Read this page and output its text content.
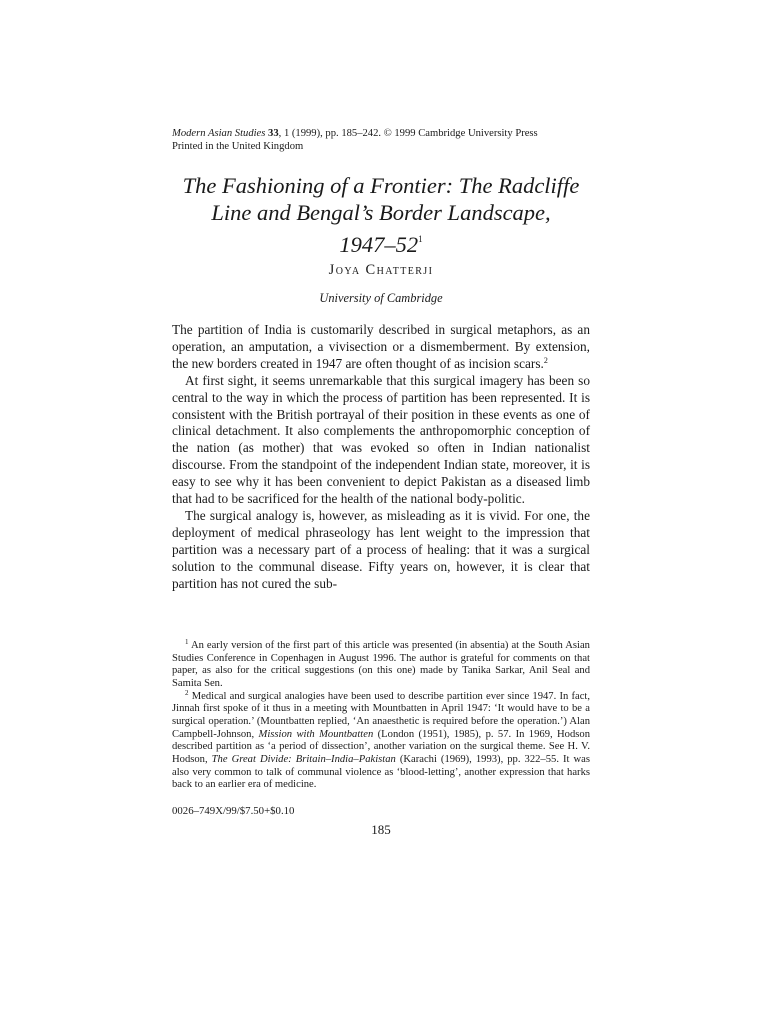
Modern Asian Studies 33, 1 (1999), pp. 185–242. © 1999 Cambridge University Press
Printed in the United Kingdom
The Fashioning of a Frontier: The Radcliffe
Line and Bengal’s Border Landscape,
$1947-52^1$
Joya Chatterji
University of Cambridge

The partition of India is customarily described in surgical metaphors, as an operation, an amputation, a vivisection or a dismemberment. By extension, the new borders created in 1947 are often thought of as incision scars.$^2$

At first sight, it seems unremarkable that this surgical imagery has been so central to the way in which the process of partition has been represented. It is consistent with the British portrayal of their position in these events as one of clinical detachment. It also complements the anthropomorphic conception of the nation (as mother) that was evoked so often in Indian nationalist discourse. From the standpoint of the independent Indian state, moreover, it is easy to see why it has been convenient to depict Pakistan as a diseased limb that had to be sacrificed for the health of the national body-politic.

The surgical analogy is, however, as misleading as it is vivid. For one, the deployment of medical phraseology has lent weight to the impression that partition was a necessary part of a process of healing: that it was a surgical solution to the communal disease. Fifty years on, however, it is clear that partition has not cured the sub-

$^1$ An early version of the first part of this article was presented (in absentia) at the South Asian Studies Conference in Copenhagen in August 1996. The author is grateful for comments on that paper, as also for the critical suggestions (on this one) made by Tanika Sarkar, Anil Seal and Samita Sen.

$^2$ Medical and surgical analogies have been used to describe partition ever since 1947. In fact, Jinnah first spoke of it thus in a meeting with Mountbatten in April 1947: ‘It would have to be a surgical operation.’ (Mountbatten replied, ‘An anaesthetic is required before the operation.’) Alan Campbell-Johnson, Mission with Mountbatten (London (1951), 1985), p. 57. In 1969, Hodson described partition as ‘a period of dissection’, another variation on the surgical theme. See H. V. Hodson, The Great Divide: Britain–India–Pakistan (Karachi (1969), 1993), pp. 322–55. It was also very common to talk of communal violence as ‘blood-letting’, another expression that harks back to an earlier era of medicine.

0026–749X/99/$7.50+$0.10
185
